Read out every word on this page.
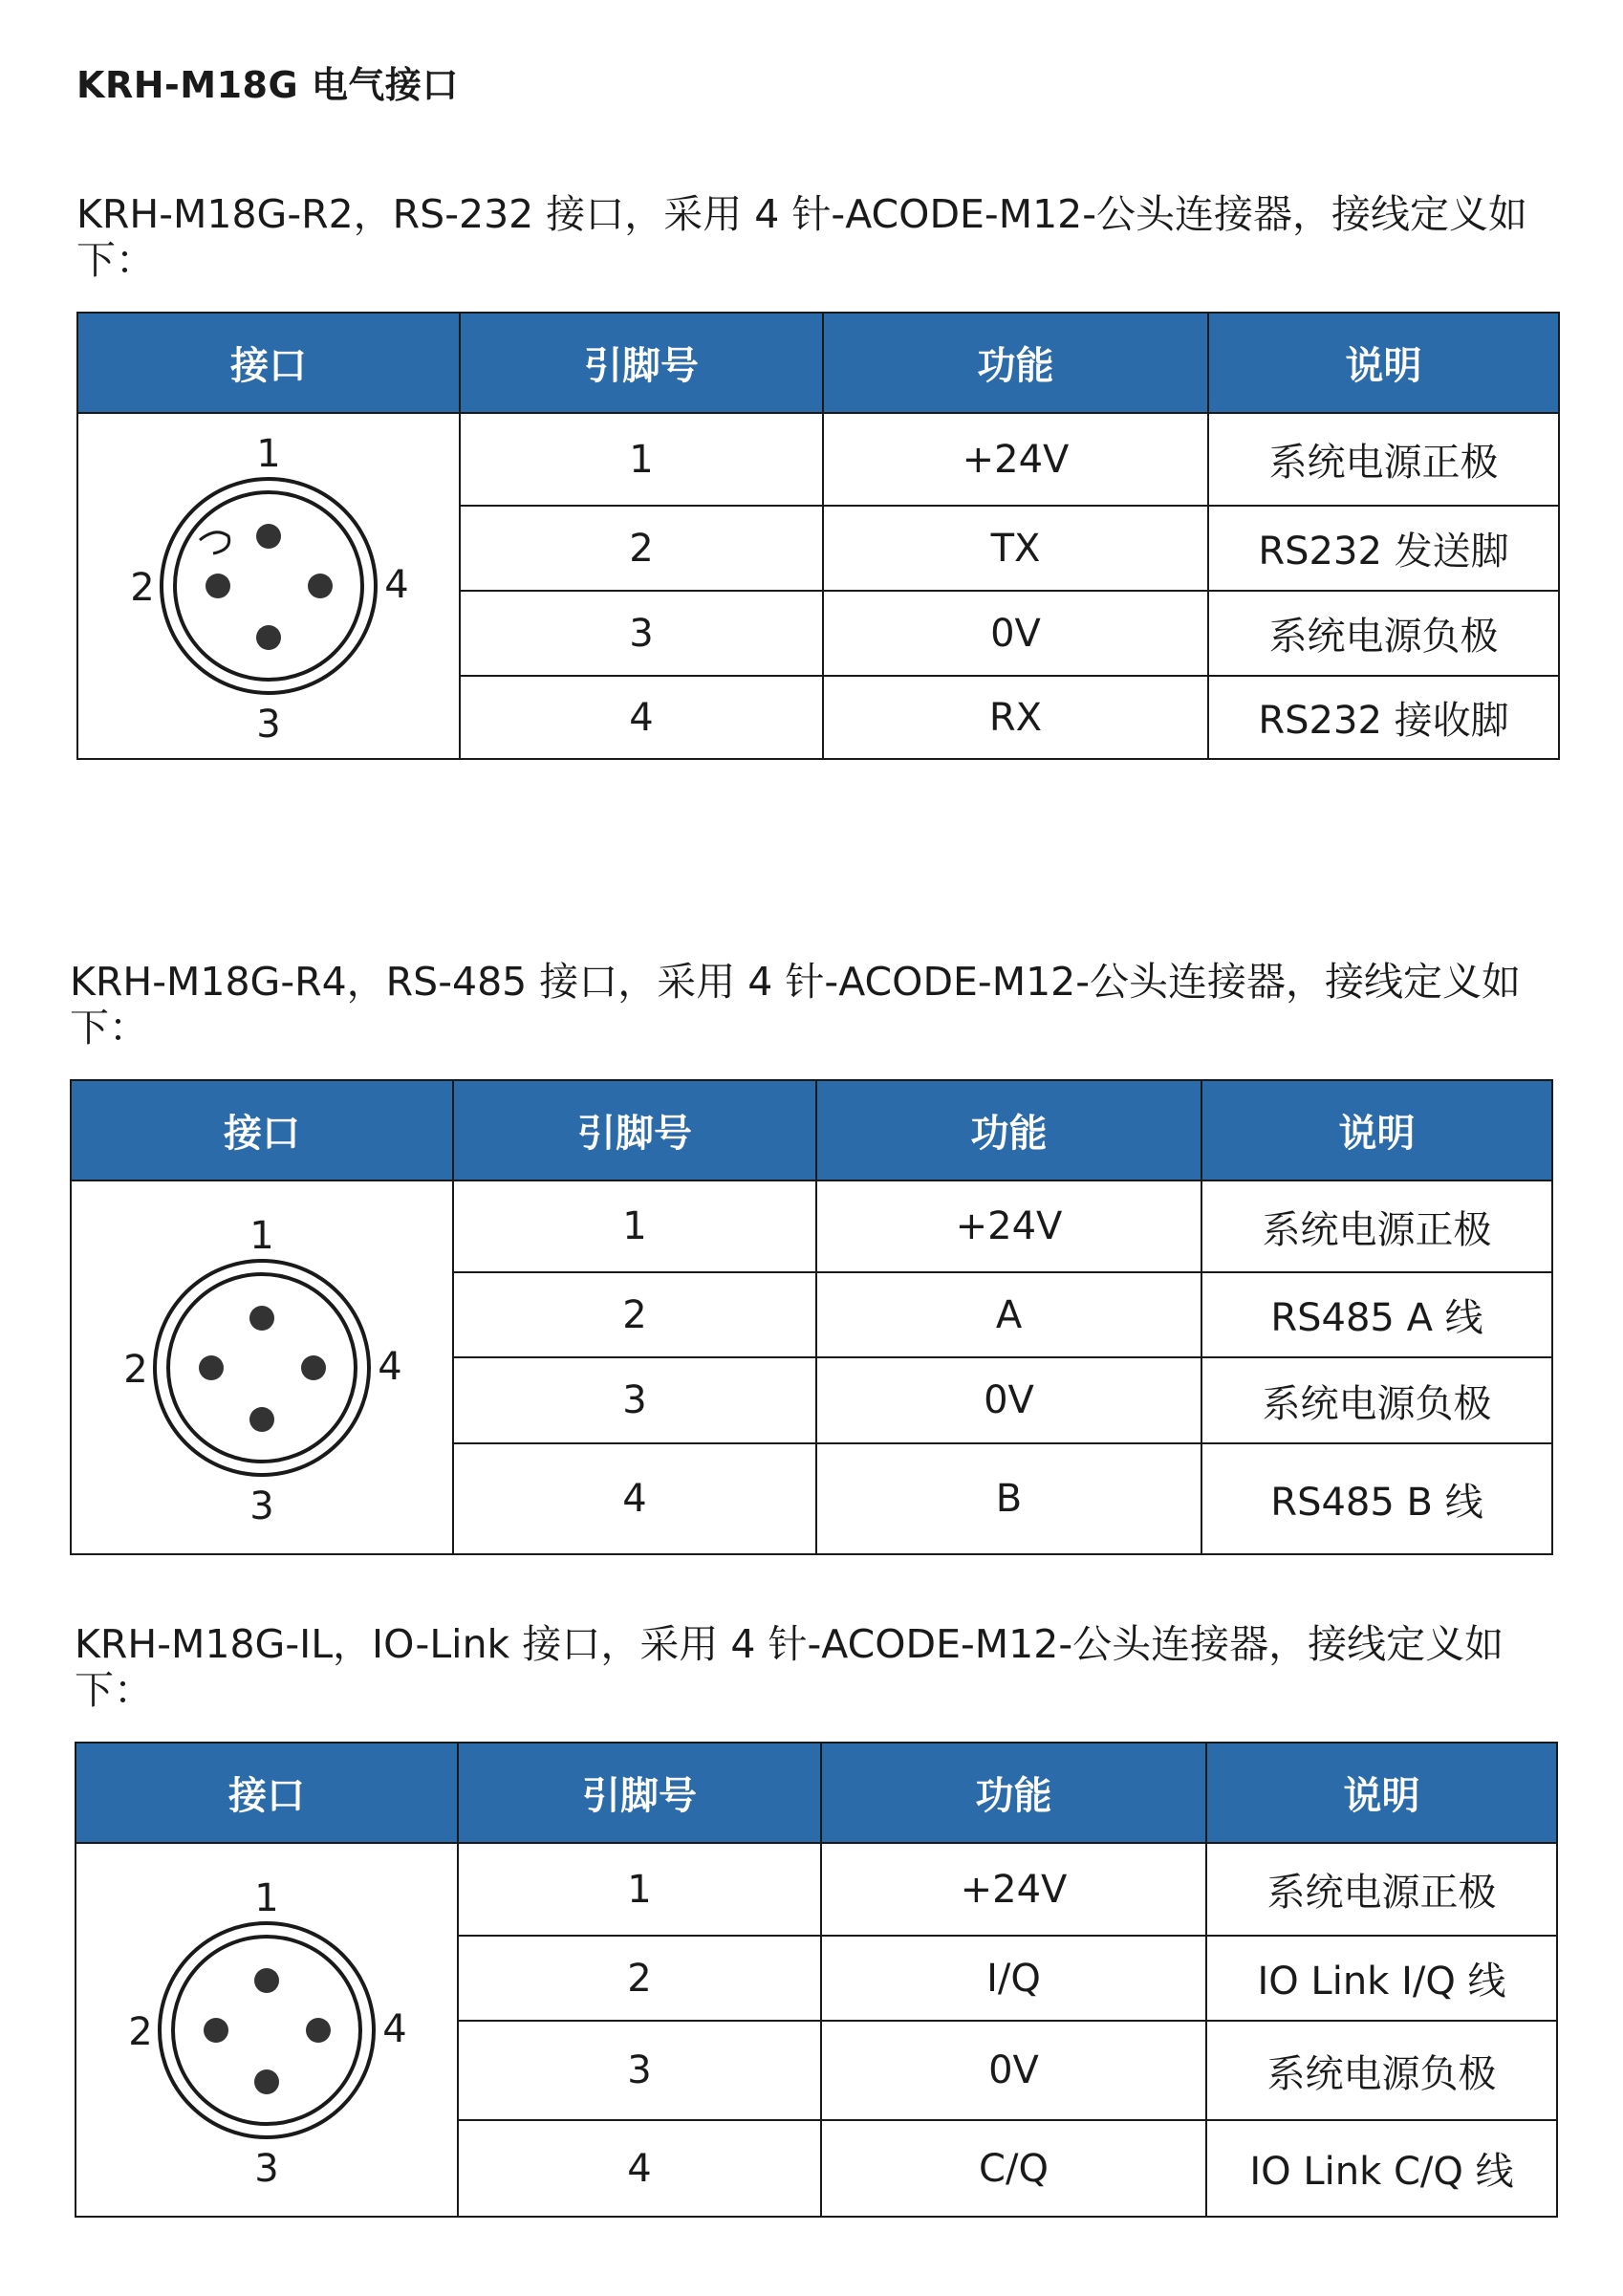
KRH-M18G 电气接口

KRH-M18G-R2，RS-232 接口，采用 4 针-ACODE-M12-公头连接器，接线定义如下：

接口	引脚号	功能	说明

1
2
3
4	1	+24V	系统电源正极
	2	TX	RS232 发送脚
	3	0V	系统电源负极
	4	RX	RS232 接收脚

KRH-M18G-R4，RS-485 接口，采用 4 针-ACODE-M12-公头连接器，接线定义如下：

接口	引脚号	功能	说明

1
2
3
4	1	+24V	系统电源正极
	2	A	RS485 A 线
	3	0V	系统电源负极
	4	B	RS485 B 线

KRH-M18G-IL，IO-Link 接口，采用 4 针-ACODE-M12-公头连接器，接线定义如下：

接口	引脚号	功能	说明

1
2
3
4	1	+24V	系统电源正极
	2	I/Q	IO Link I/Q 线
	3	0V	系统电源负极
	4	C/Q	IO Link C/Q 线
